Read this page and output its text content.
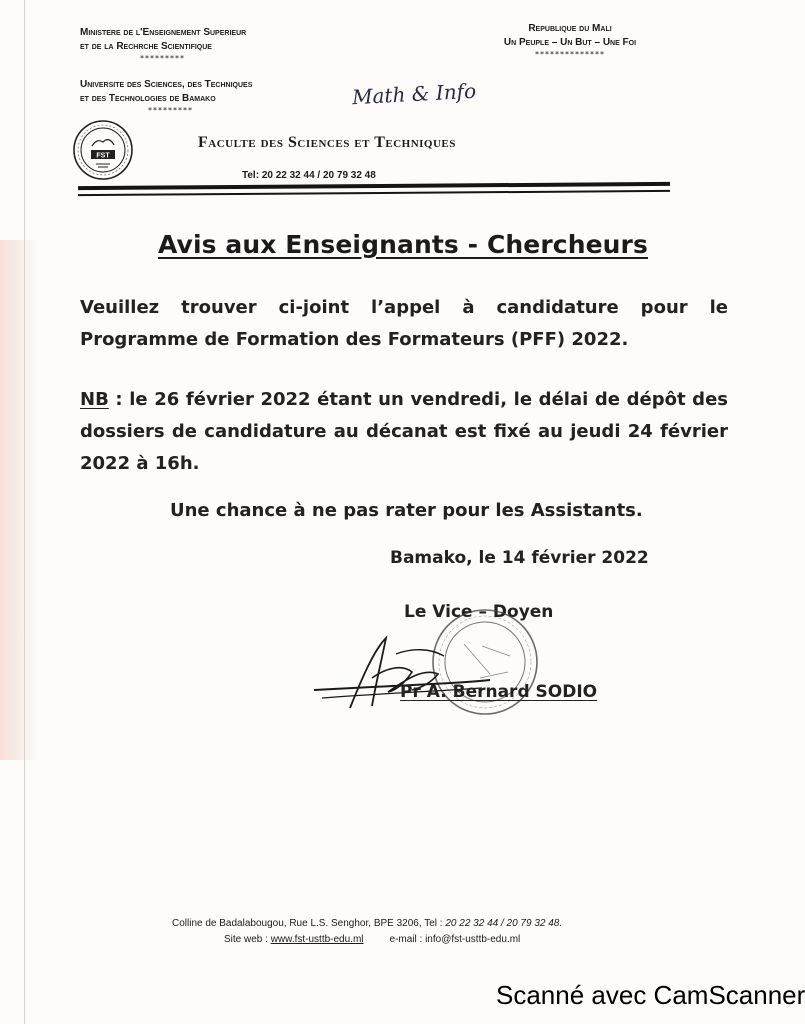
Ministere de l'Enseignement Superieur
et de la Rechrche Scientifique
*********
Universite des Sciences, des Techniques
et des Technologies de Bamako
*********
Republique du Mali
Un Peuple – Un But – Une Foi
**************
Math & Info
FST
Faculte des Sciences et Techniques
Tel: 20 22 32 44 / 20 79 32 48
Avis aux Enseignants - Chercheurs
Veuillez trouver ci-joint l’appel à candidature pour le Programme de Formation des Formateurs (PFF) 2022.
NB : le 26 février 2022 étant un vendredi, le délai de dépôt des dossiers de candidature au décanat est fixé au jeudi 24 février 2022 à 16h.
Une chance à ne pas rater pour les Assistants.
Bamako, le 14 février 2022
Le Vice – Doyen
Pr A. Bernard SODIO
Colline de Badalabougou, Rue L.S. Senghor, BPE 3206, Tel : 20 22 32 44 / 20 79 32 48.
Site web : www.fst-usttb-edu.ml	e-mail : info@fst-usttb-edu.ml
Scanné avec CamScanner
